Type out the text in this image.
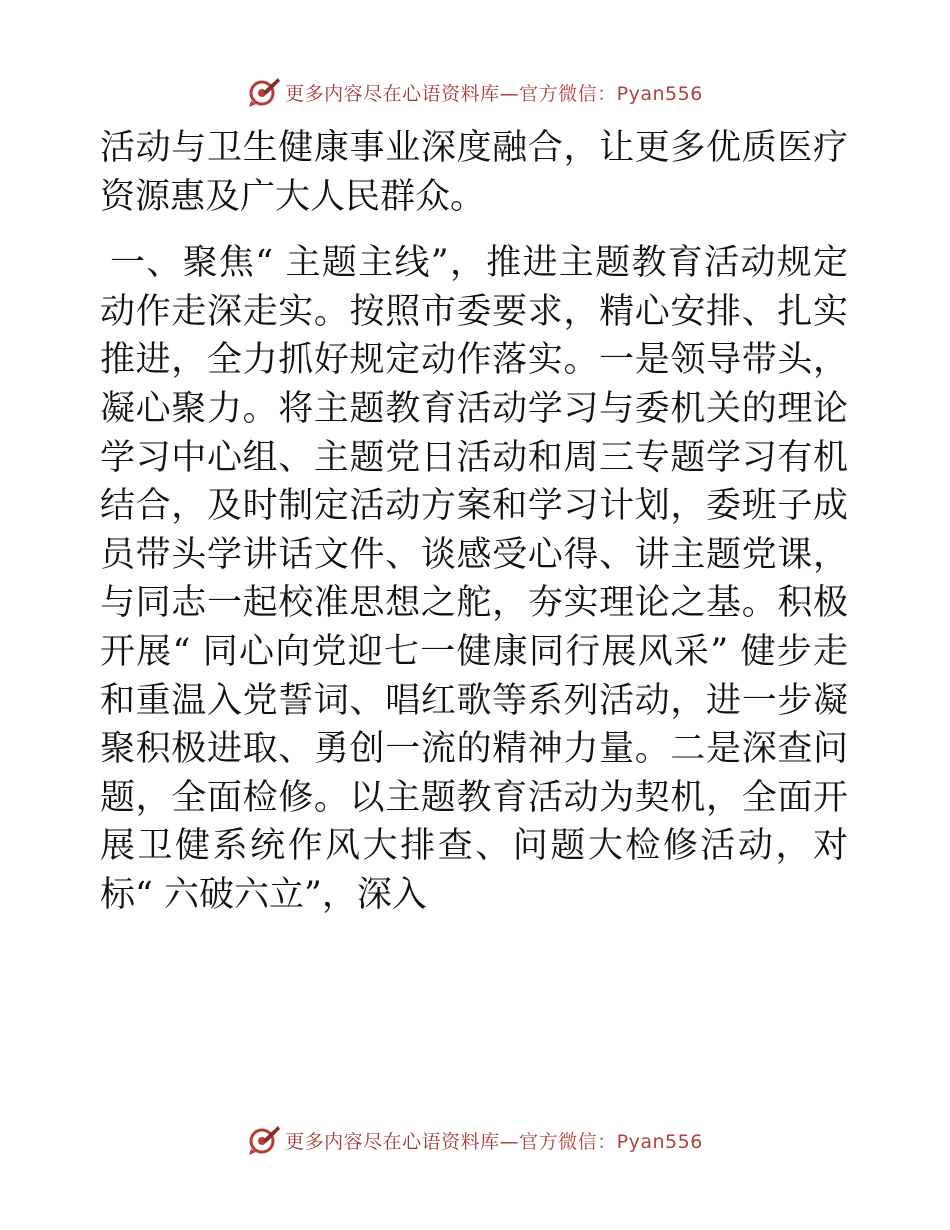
更多内容尽在心语资料库—官方微信：Pyan556

活动与卫生健康事业深度融合，让更多优质医疗资源惠及广大人民群众。

一、聚焦“ 主题主线”，推进主题教育活动规定动作走深走实。按照市委要求，精心安排、扎实推进，全力抓好规定动作落实。一是领导带头，凝心聚力。将主题教育活动学习与委机关的理论学习中心组、主题党日活动和周三专题学习有机结合，及时制定活动方案和学习计划，委班子成员带头学讲话文件、谈感受心得、讲主题党课，与同志一起校准思想之舵，夯实理论之基。积极开展“ 同心向党迎七一健康同行展风采” 健步走和重温入党誓词、唱红歌等系列活动，进一步凝聚积极进取、勇创一流的精神力量。二是深查问题，全面检修。以主题教育活动为契机，全面开展卫健系统作风大排查、问题大检修活动，对标“ 六破六立”，深入

更多内容尽在心语资料库—官方微信：Pyan556
